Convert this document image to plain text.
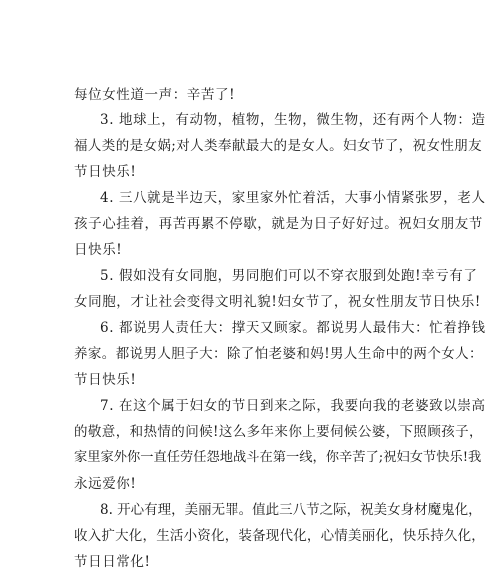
每位女性道一声：辛苦了!
3. 地球上，有动物，植物，生物，微生物，还有两个人物：造
福人类的是女娲;对人类奉献最大的是女人。妇女节了，祝女性朋友
节日快乐!
4. 三八就是半边天，家里家外忙着活，大事小情紧张罗，老人
孩子心挂着，再苦再累不停歇，就是为日子好好过。祝妇女朋友节
日快乐!
5. 假如没有女同胞，男同胞们可以不穿衣服到处跑!幸亏有了
女同胞，才让社会变得文明礼貌!妇女节了，祝女性朋友节日快乐!
6. 都说男人责任大：撑天又顾家。都说男人最伟大：忙着挣钱
养家。都说男人胆子大：除了怕老婆和妈!男人生命中的两个女人：
节日快乐!
7. 在这个属于妇女的节日到来之际，我要向我的老婆致以崇高
的敬意，和热情的问候!这么多年来你上要伺候公婆，下照顾孩子，
家里家外你一直任劳任怨地战斗在第一线，你辛苦了;祝妇女节快乐!我
永远爱你!
8. 开心有理，美丽无罪。值此三八节之际，祝美女身材魔鬼化，
收入扩大化，生活小资化，装备现代化，心情美丽化，快乐持久化，
节日日常化!
